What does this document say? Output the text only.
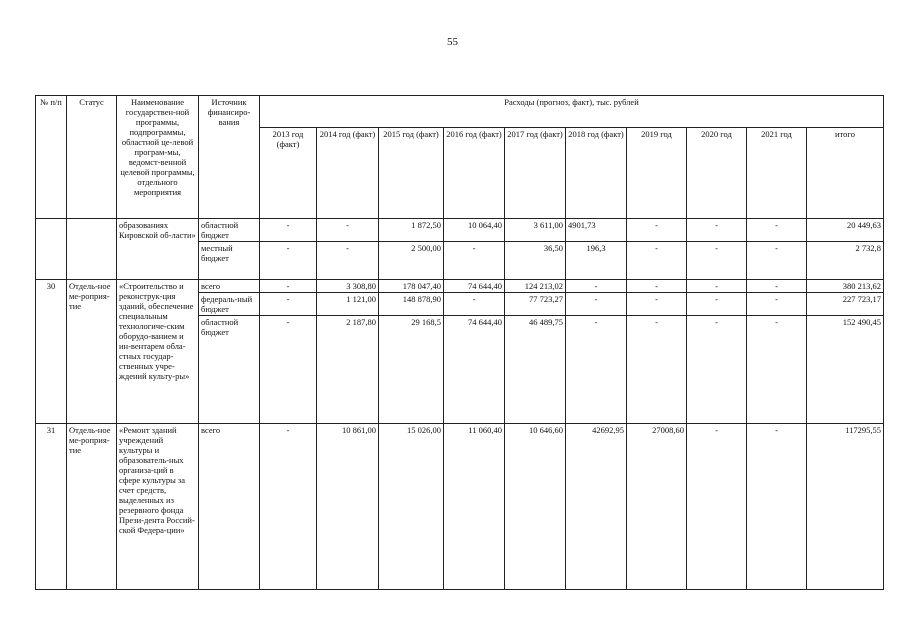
55
№ п/п	Статус	Наименование государствен-ной программы, подпрограммы, областной це-левой програм-мы, ведомст-венной целевой программы, отдельного мероприятия	Источник финансиро-вания	Расходы (прогноз, факт), тыс. рублей									
				2013 год (факт)	2014 год (факт)	2015 год (факт)	2016 год (факт)	2017 год (факт)	2018 год (факт)	2019 год	2020 год	2021 год	итого
		образованиях Кировской об-ласти»	областной бюджет	-	-	1 872,50	10 064,40	3 611,00	4901,73	-	-	-	20 449,63
			местный бюджет	-	-	2 500,00	-	36,50	196,3	-	-	-	2 732,8
30	Отдель-ное ме-роприя-тие	«Строительство и реконструк-ция зданий, обеспечение специальным технологиче-ским оборудо-ванием и ин-вентарем обла-стных государ-ственных учре-ждений культу-ры»	всего	-	3 308,80	178 047,40	74 644,40	124 213,02	-	-	-	-	380 213,62
			федераль-ный бюджет	-	1 121,00	148 878,90	-	77 723,27	-	-	-	-	227 723,17
			областной бюджет	-	2 187,80	29 168,5	74 644,40	46 489,75	-	-	-	-	152 490,45
31	Отдель-ное ме-роприя-тие	«Ремонт зданий учреждений культуры и образователь-ных организа-ций в сфере культуры за счет средств, выделенных из резервного фонда Прези-дента Россий-ской Федера-ции»	всего	-	10 861,00	15 026,00	11 060,40	10 646,60	42692,95	27008,60	-	-	117295,55
